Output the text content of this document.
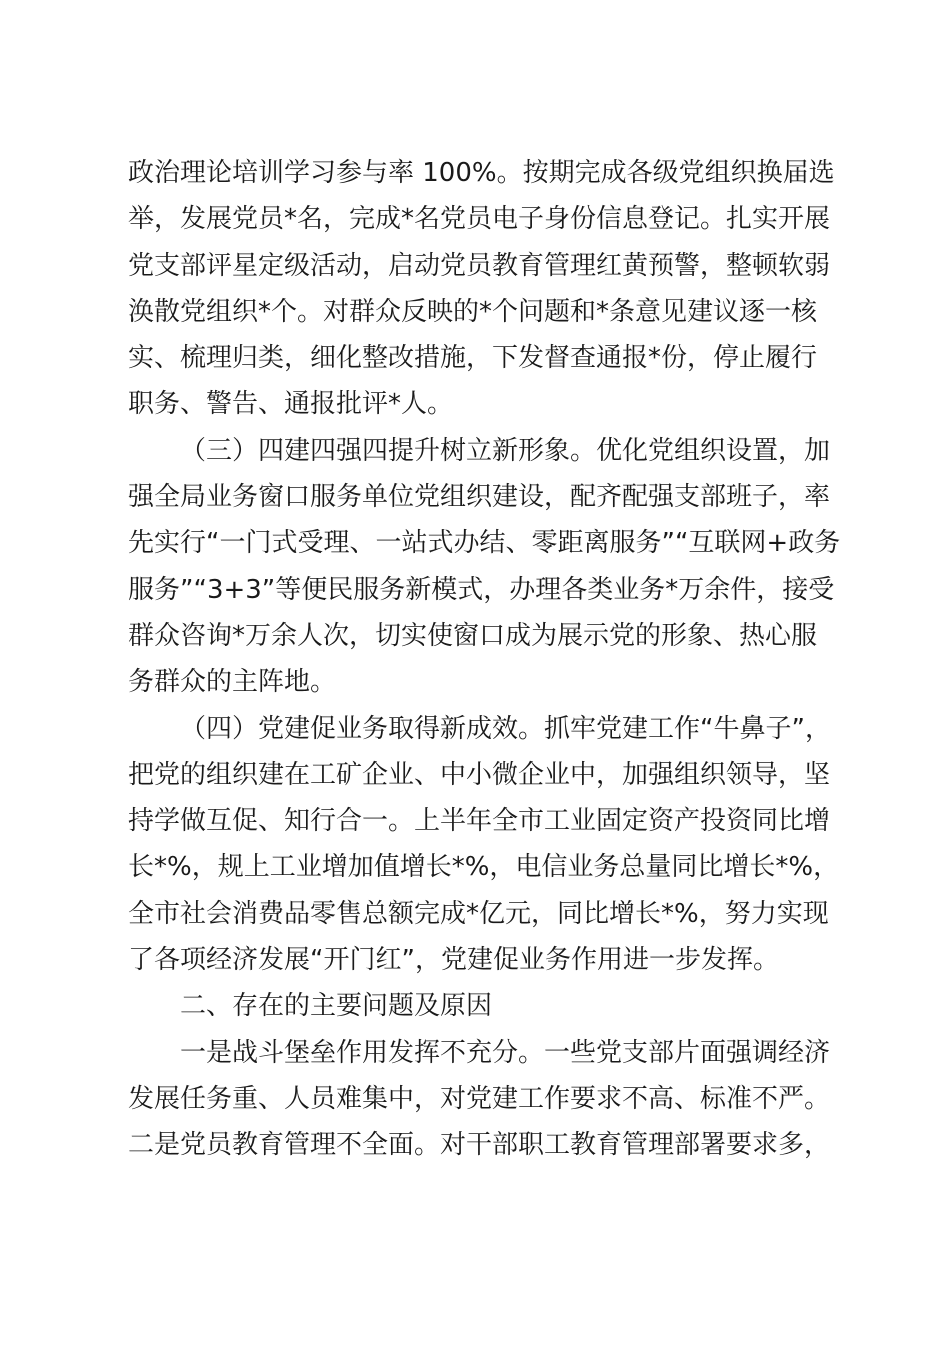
政治理论培训学习参与率 100%。按期完成各级党组织换届选
举，发展党员*名，完成*名党员电子身份信息登记。扎实开展
党支部评星定级活动，启动党员教育管理红黄预警，整顿软弱
涣散党组织*个。对群众反映的*个问题和*条意见建议逐一核
实、梳理归类，细化整改措施，下发督查通报*份，停止履行
职务、警告、通报批评*人。
（三）四建四强四提升树立新形象。优化党组织设置，加
强全局业务窗口服务单位党组织建设，配齐配强支部班子，率
先实行“一门式受理、一站式办结、零距离服务”“互联网+政务
服务”“3+3”等便民服务新模式，办理各类业务*万余件，接受
群众咨询*万余人次，切实使窗口成为展示党的形象、热心服
务群众的主阵地。
（四）党建促业务取得新成效。抓牢党建工作“牛鼻子”，
把党的组织建在工矿企业、中小微企业中，加强组织领导，坚
持学做互促、知行合一。上半年全市工业固定资产投资同比增
长*%，规上工业增加值增长*%，电信业务总量同比增长*%，
全市社会消费品零售总额完成*亿元，同比增长*%，努力实现
了各项经济发展“开门红”，党建促业务作用进一步发挥。
二、存在的主要问题及原因
一是战斗堡垒作用发挥不充分。一些党支部片面强调经济
发展任务重、人员难集中，对党建工作要求不高、标准不严。
二是党员教育管理不全面。对干部职工教育管理部署要求多，
